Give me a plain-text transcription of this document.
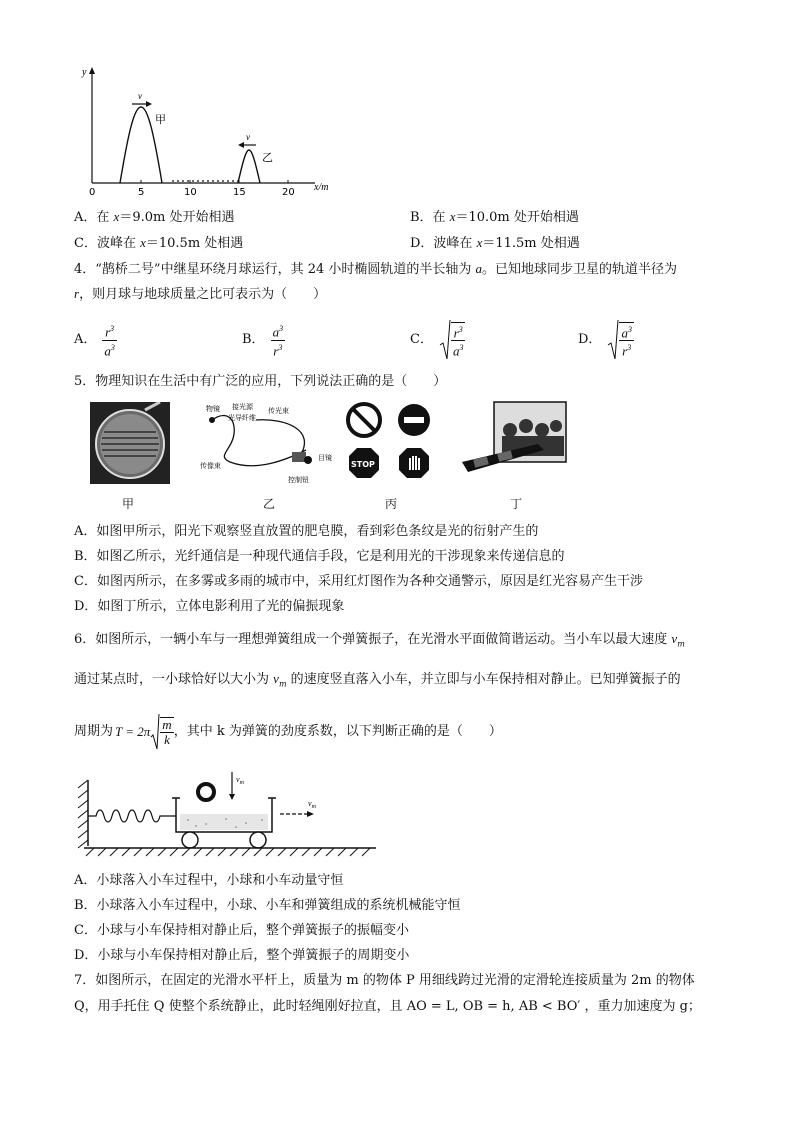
y
x/m
v
v
甲
乙
0	5	10	15	20
A．在 x＝9.0m 处开始相遇	B．在 x＝10.0m 处开始相遇
C．波峰在 x＝10.5m 处相遇	D．波峰在 x＝11.5m 处相遇
4．“鹊桥二号”中继星环绕月球运行，其 24 小时椭圆轨道的半长轴为 a。已知地球同步卫星的轨道半径为
r，则月球与地球质量之比可表示为（　　）
A． $\frac{r^3}{a^3}$	B． $\frac{a^3}{r^3}$	C． $\frac{r^3}{a^3}$	D． $\frac{a^3}{r^3}$
5．物理知识在生活中有广泛的应用，下列说法正确的是（　　）
物镜 接光源 传光束
光导纤维
传像束
目镜
控制钮
STOP
甲	乙	丙	丁
A．如图甲所示，阳光下观察竖直放置的肥皂膜，看到彩色条纹是光的衍射产生的
B．如图乙所示，光纤通信是一种现代通信手段，它是利用光的干涉现象来传递信息的
C．如图丙所示，在多雾或多雨的城市中，采用红灯图作为各种交通警示，原因是红光容易产生干涉
D．如图丁所示，立体电影利用了光的偏振现象
6．如图所示，一辆小车与一理想弹簧组成一个弹簧振子，在光滑水平面做简谐运动。当小车以最大速度 $v_m$
通过某点时，一小球恰好以大小为 $v_m$ 的速度竖直落入小车，并立即与小车保持相对静止。已知弹簧振子的
周期为 $T = 2\pi \frac{m}{k}$ ，其中 k 为弹簧的劲度系数，以下判断正确的是（　　）
$v_m$
$v_m$
A．小球落入小车过程中，小球和小车动量守恒
B．小球落入小车过程中，小球、小车和弹簧组成的系统机械能守恒
C．小球与小车保持相对静止后，整个弹簧振子的振幅变小
D．小球与小车保持相对静止后，整个弹簧振子的周期变小
7．如图所示，在固定的光滑水平杆上，质量为 m 的物体 P 用细线跨过光滑的定滑轮连接质量为 2m 的物体
Q，用手托住 Q 使整个系统静止，此时轻绳刚好拉直，且 AO = L, OB = h, AB < BO′ ，重力加速度为 g；
